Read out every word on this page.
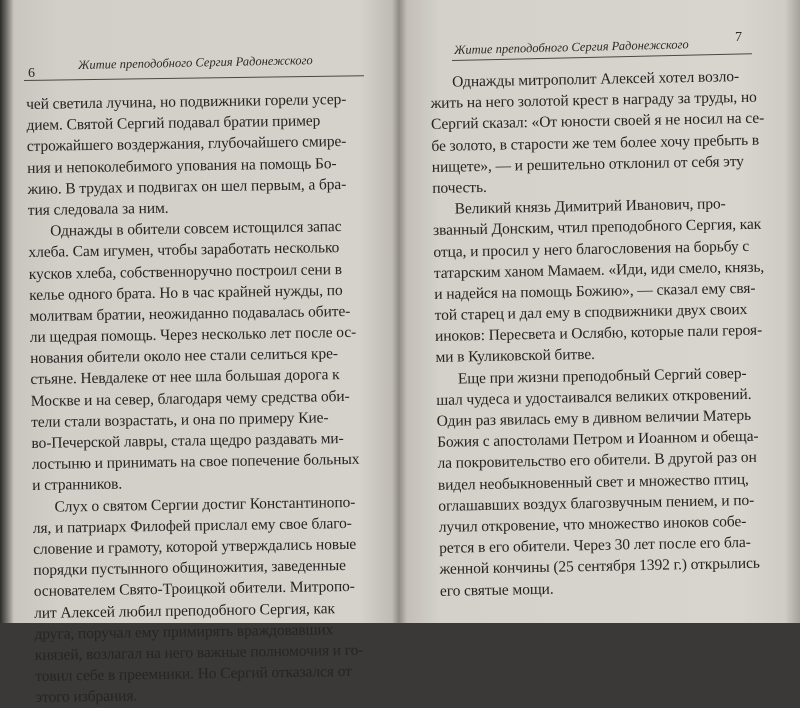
6
Житие преподобного Сергия Радонежского
чей светила лучина, но подвижники горели усер-
дием. Святой Сергий подавал братии пример
строжайшего воздержания, глубочайшего смире-
ния и непоколебимого упования на помощь Бо-
жию. В трудах и подвигах он шел первым, а бра-
тия следовала за ним.
Однажды в обители совсем истощился запас
хлеба. Сам игумен, чтобы заработать несколько
кусков хлеба, собственноручно построил сени в
келье одного брата. Но в час крайней нужды, по
молитвам братии, неожиданно подавалась обите-
ли щедрая помощь. Через несколько лет после ос-
нования обители около нее стали селиться кре-
стьяне. Невдалеке от нее шла большая дорога к
Москве и на север, благодаря чему средства оби-
тели стали возрастать, и она по примеру Кие-
во-Печерской лавры, стала щедро раздавать ми-
лостыню и принимать на свое попечение больных
и странников.
Слух о святом Сергии достиг Константинопо-
ля, и патриарх Филофей прислал ему свое благо-
словение и грамоту, которой утверждались новые
порядки пустынного общиножития, заведенные
основателем Свято-Троицкой обители. Митропо-
лит Алексей любил преподобного Сергия, как
друга, поручал ему примирять враждовавших
князей, возлагал на него важные полномочия и го-
товил себе в преемники. Но Сергий отказался от
этого избрания.
Житие преподобного Сергия Радонежского	7
Однажды митрополит Алексей хотел возло-
жить на него золотой крест в награду за труды, но
Сергий сказал: «От юности своей я не носил на се-
бе золото, в старости же тем более хочу пребыть в
нищете», — и решительно отклонил от себя эту
почесть.
Великий князь Димитрий Иванович, про-
званный Донским, чтил преподобного Сергия, как
отца, и просил у него благословения на борьбу с
татарским ханом Мамаем. «Иди, иди смело, князь,
и надейся на помощь Божию», — сказал ему свя-
той старец и дал ему в сподвижники двух своих
иноков: Пересвета и Ослябю, которые пали героя-
ми в Куликовской битве.
Еще при жизни преподобный Сергий совер-
шал чудеса и удостаивался великих откровений.
Один раз явилась ему в дивном величии Матерь
Божия с апостолами Петром и Иоанном и обеща-
ла покровительство его обители. В другой раз он
видел необыкновенный свет и множество птиц,
оглашавших воздух благозвучным пением, и по-
лучил откровение, что множество иноков собе-
рется в его обители. Через 30 лет после его бла-
женной кончины (25 сентября 1392 г.) открылись
его святые мощи.
